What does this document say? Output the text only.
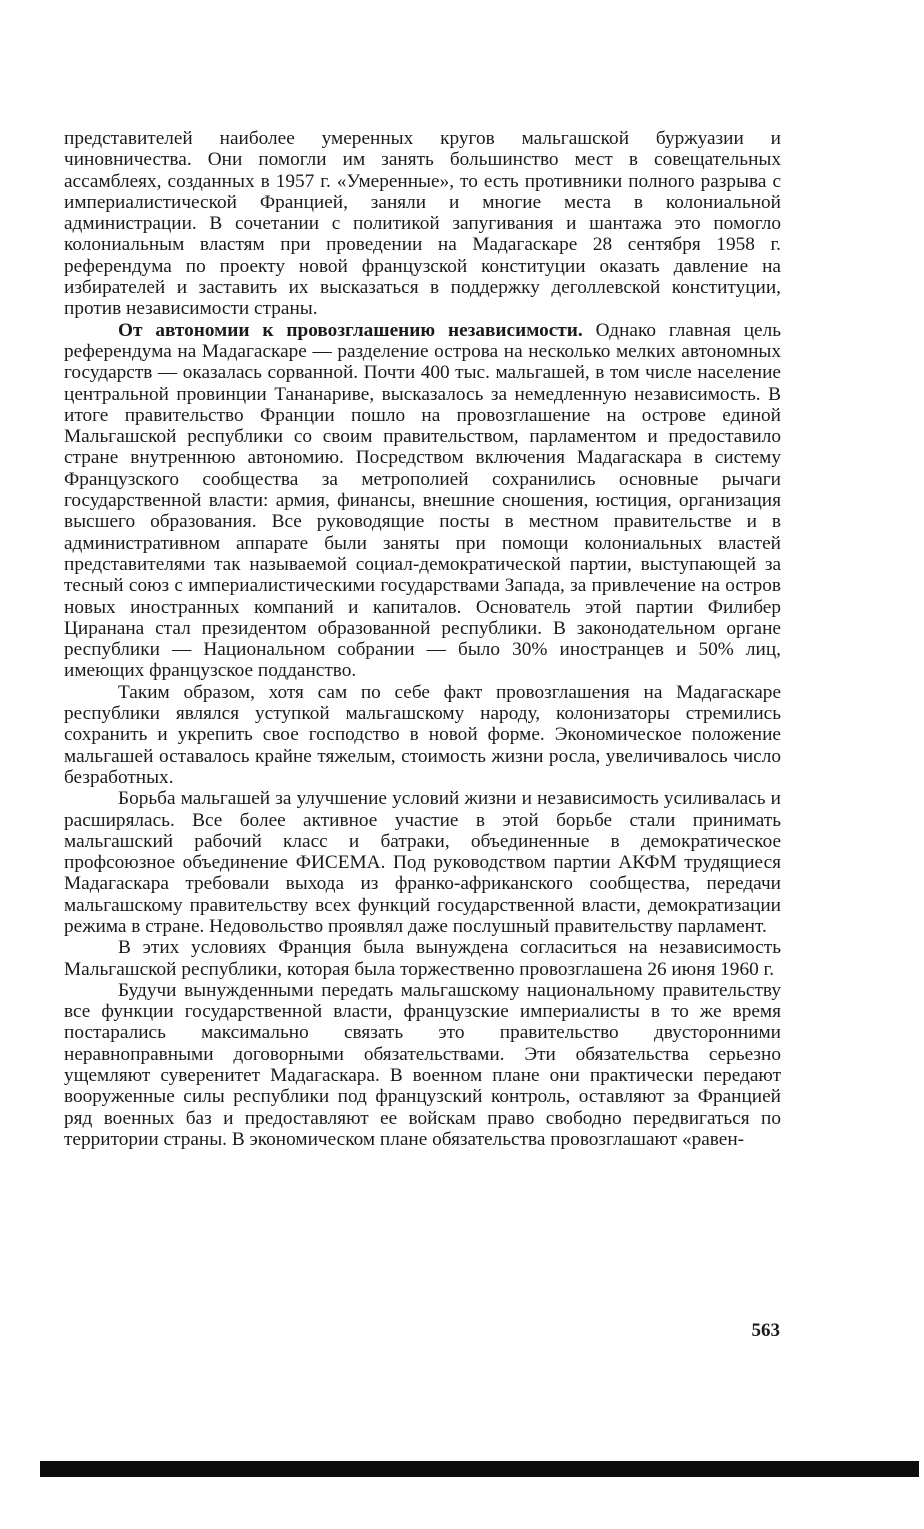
представителей наиболее умеренных кругов мальгашской буржуазии и чиновничества. Они помогли им занять большинство мест в совещательных ассамблеях, созданных в 1957 г. «Умеренные», то есть противники полного разрыва с империалистической Францией, заняли и многие места в колониальной администрации. В сочетании с политикой запугивания и шантажа это помогло колониальным властям при проведении на Мадагаскаре 28 сентября 1958 г. референдума по проекту новой французской конституции оказать давление на избирателей и заставить их высказаться в поддержку деголлевской конституции, против независимости страны.

От автономии к провозглашению независимости. Однако главная цель референдума на Мадагаскаре — разделение острова на несколько мелких автономных государств — оказалась сорванной. Почти 400 тыс. мальгашей, в том числе население центральной провинции Тананариве, высказалось за немедленную независимость. В итоге правительство Франции пошло на провозглашение на острове единой Мальгашской республики со своим правительством, парламентом и предоставило стране внутреннюю автономию. Посредством включения Мадагаскара в систему Французского сообщества за метрополией сохранились основные рычаги государственной власти: армия, финансы, внешние сношения, юстиция, организация высшего образования. Все руководящие посты в местном правительстве и в административном аппарате были заняты при помощи колониальных властей представителями так называемой социал-демократической партии, выступающей за тесный союз с империалистическими государствами Запада, за привлечение на остров новых иностранных компаний и капиталов. Основатель этой партии Филибер Циранана стал президентом образованной республики. В законодательном органе республики — Национальном собрании — было 30% иностранцев и 50% лиц, имеющих французское подданство.

Таким образом, хотя сам по себе факт провозглашения на Мадагаскаре республики являлся уступкой мальгашскому народу, колонизаторы стремились сохранить и укрепить свое господство в новой форме. Экономическое положение мальгашей оставалось крайне тяжелым, стоимость жизни росла, увеличивалось число безработных.

Борьба мальгашей за улучшение условий жизни и независимость усиливалась и расширялась. Все более активное участие в этой борьбе стали принимать мальгашский рабочий класс и батраки, объединенные в демократическое профсоюзное объединение ФИСЕМА. Под руководством партии АКФМ трудящиеся Мадагаскара требовали выхода из франко-африканского сообщества, передачи мальгашскому правительству всех функций государственной власти, демократизации режима в стране. Недовольство проявлял даже послушный правительству парламент.

В этих условиях Франция была вынуждена согласиться на независимость Мальгашской республики, которая была торжественно провозглашена 26 июня 1960 г.

Будучи вынужденными передать мальгашскому национальному правительству все функции государственной власти, французские империалисты в то же время постарались максимально связать это правительство двусторонними неравноправными договорными обязательствами. Эти обязательства серьезно ущемляют суверенитет Мадагаскара. В военном плане они практически передают вооруженные силы республики под французский контроль, оставляют за Францией ряд военных баз и предоставляют ее войскам право свободно передвигаться по территории страны. В экономическом плане обязательства провозглашают «равен-

563
